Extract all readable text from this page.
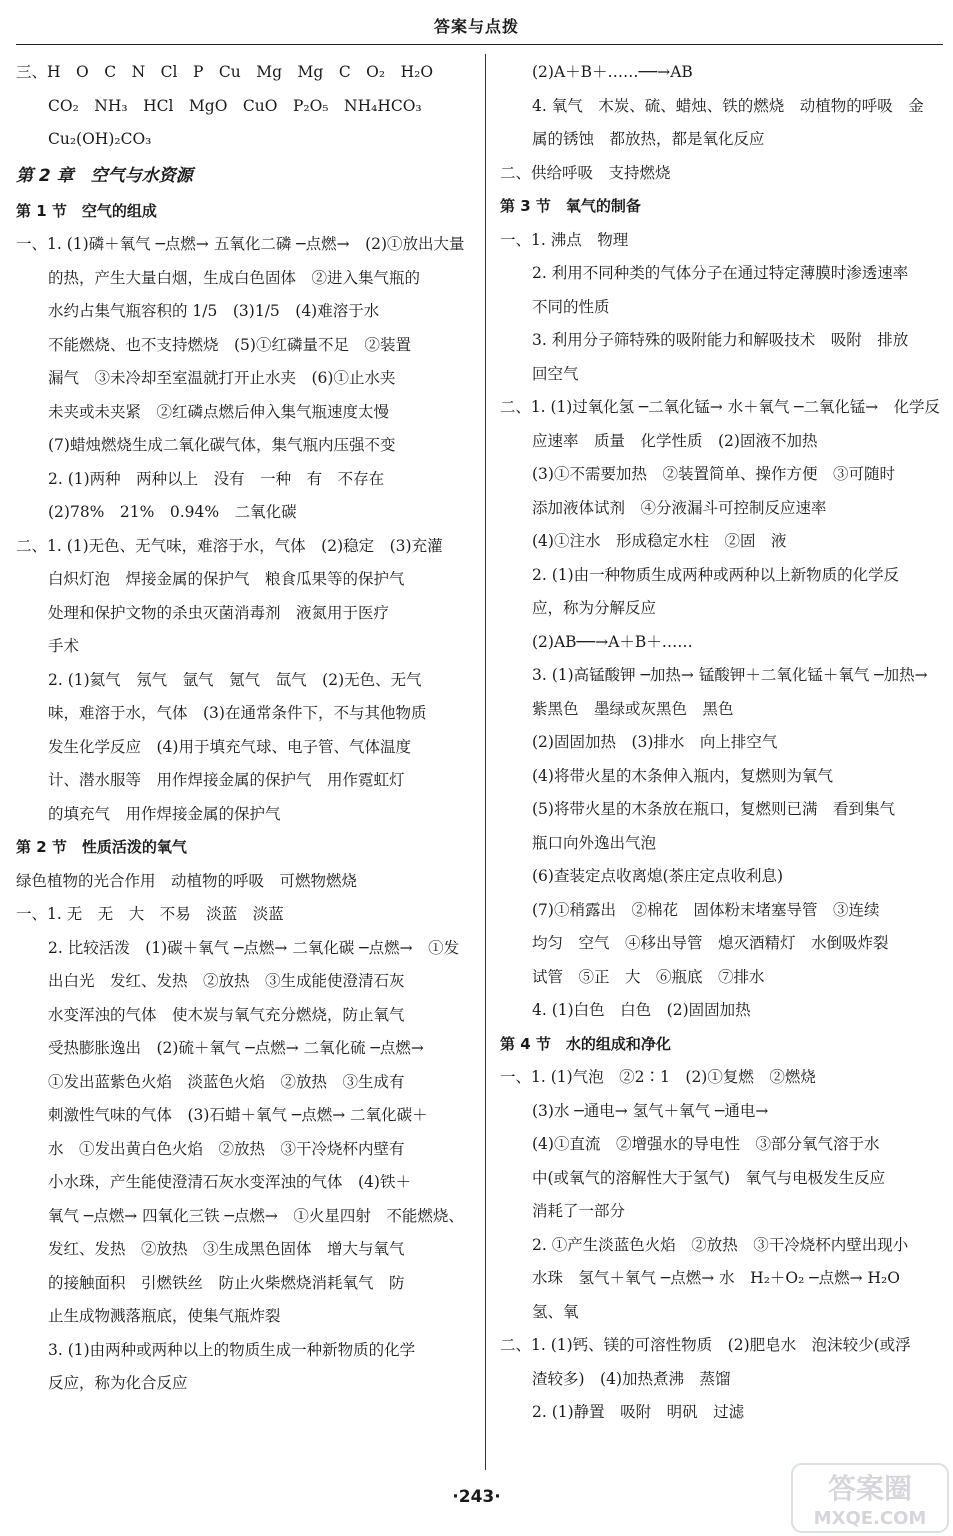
答案与点拨
三、H　O　C　N　Cl　P　Cu　Mg　Mg　C　O₂　H₂O
CO₂　NH₃　HCl　MgO　CuO　P₂O₅　NH₄HCO₃
Cu₂(OH)₂CO₃
第 2 章　空气与水资源
第 1 节　空气的组成
一、1. (1)磷＋氧气 ─点燃→ 五氧化二磷 ─点燃→　(2)①放出大量
的热，产生大量白烟，生成白色固体　②进入集气瓶的
水约占集气瓶容积的 1/5　(3)1/5　(4)难溶于水
不能燃烧、也不支持燃烧　(5)①红磷量不足　②装置
漏气　③未冷却至室温就打开止水夹　(6)①止水夹
未夹或未夹紧　②红磷点燃后伸入集气瓶速度太慢
(7)蜡烛燃烧生成二氧化碳气体，集气瓶内压强不变
2. (1)两种　两种以上　没有　一种　有　不存在
(2)78%　21%　0.94%　二氧化碳
二、1. (1)无色、无气味，难溶于水，气体　(2)稳定　(3)充灌
白炽灯泡　焊接金属的保护气　粮食瓜果等的保护气
处理和保护文物的杀虫灭菌消毒剂　液氮用于医疗
手术
2. (1)氦气　氖气　氩气　氪气　氙气　(2)无色、无气
味，难溶于水，气体　(3)在通常条件下，不与其他物质
发生化学反应　(4)用于填充气球、电子管、气体温度
计、潜水服等　用作焊接金属的保护气　用作霓虹灯
的填充气　用作焊接金属的保护气
第 2 节　性质活泼的氧气
绿色植物的光合作用　动植物的呼吸　可燃物燃烧
一、1. 无　无　大　不易　淡蓝　淡蓝
2. 比较活泼　(1)碳＋氧气 ─点燃→ 二氧化碳 ─点燃→　①发
出白光　发红、发热　②放热　③生成能使澄清石灰
水变浑浊的气体　使木炭与氧气充分燃烧，防止氧气
受热膨胀逸出　(2)硫＋氧气 ─点燃→ 二氧化硫 ─点燃→
①发出蓝紫色火焰　淡蓝色火焰　②放热　③生成有
刺激性气味的气体　(3)石蜡＋氧气 ─点燃→ 二氧化碳＋
水　①发出黄白色火焰　②放热　③干冷烧杯内壁有
小水珠，产生能使澄清石灰水变浑浊的气体　(4)铁＋
氧气 ─点燃→ 四氧化三铁 ─点燃→　①火星四射　不能燃烧、
发红、发热　②放热　③生成黑色固体　增大与氧气
的接触面积　引燃铁丝　防止火柴燃烧消耗氧气　防
止生成物溅落瓶底，使集气瓶炸裂
3. (1)由两种或两种以上的物质生成一种新物质的化学
反应，称为化合反应
(2)A＋B＋……──→AB
4. 氧气　木炭、硫、蜡烛、铁的燃烧　动植物的呼吸　金
属的锈蚀　都放热，都是氧化反应
二、供给呼吸　支持燃烧
第 3 节　氧气的制备
一、1. 沸点　物理
2. 利用不同种类的气体分子在通过特定薄膜时渗透速率
不同的性质
3. 利用分子筛特殊的吸附能力和解吸技术　吸附　排放
回空气
二、1. (1)过氧化氢 ─二氧化锰→ 水＋氧气 ─二氧化锰→　化学反
应速率　质量　化学性质　(2)固液不加热
(3)①不需要加热　②装置简单、操作方便　③可随时
添加液体试剂　④分液漏斗可控制反应速率
(4)①注水　形成稳定水柱　②固　液
2. (1)由一种物质生成两种或两种以上新物质的化学反
应，称为分解反应
(2)AB──→A＋B＋……
3. (1)高锰酸钾 ─加热→ 锰酸钾＋二氧化锰＋氧气 ─加热→
紫黑色　墨绿或灰黑色　黑色
(2)固固加热　(3)排水　向上排空气
(4)将带火星的木条伸入瓶内，复燃则为氧气
(5)将带火星的木条放在瓶口，复燃则已满　看到集气
瓶口向外逸出气泡
(6)查装定点收离熄(茶庄定点收利息)
(7)①稍露出　②棉花　固体粉末堵塞导管　③连续
均匀　空气　④移出导管　熄灭酒精灯　水倒吸炸裂
试管　⑤正　大　⑥瓶底　⑦排水
4. (1)白色　白色　(2)固固加热
第 4 节　水的组成和净化
一、1. (1)气泡　②2∶1　(2)①复燃　②燃烧
(3)水 ─通电→ 氢气＋氧气 ─通电→
(4)①直流　②增强水的导电性　③部分氧气溶于水
中(或氧气的溶解性大于氢气)　氧气与电极发生反应
消耗了一部分
2. ①产生淡蓝色火焰　②放热　③干冷烧杯内壁出现小
水珠　氢气＋氧气 ─点燃→ 水　H₂＋O₂ ─点燃→ H₂O
氢、氧
二、1. (1)钙、镁的可溶性物质　(2)肥皂水　泡沫较少(或浮
渣较多)　(4)加热煮沸　蒸馏
2. (1)静置　吸附　明矾　过滤
·243·	答案圈
MXQE.COM
